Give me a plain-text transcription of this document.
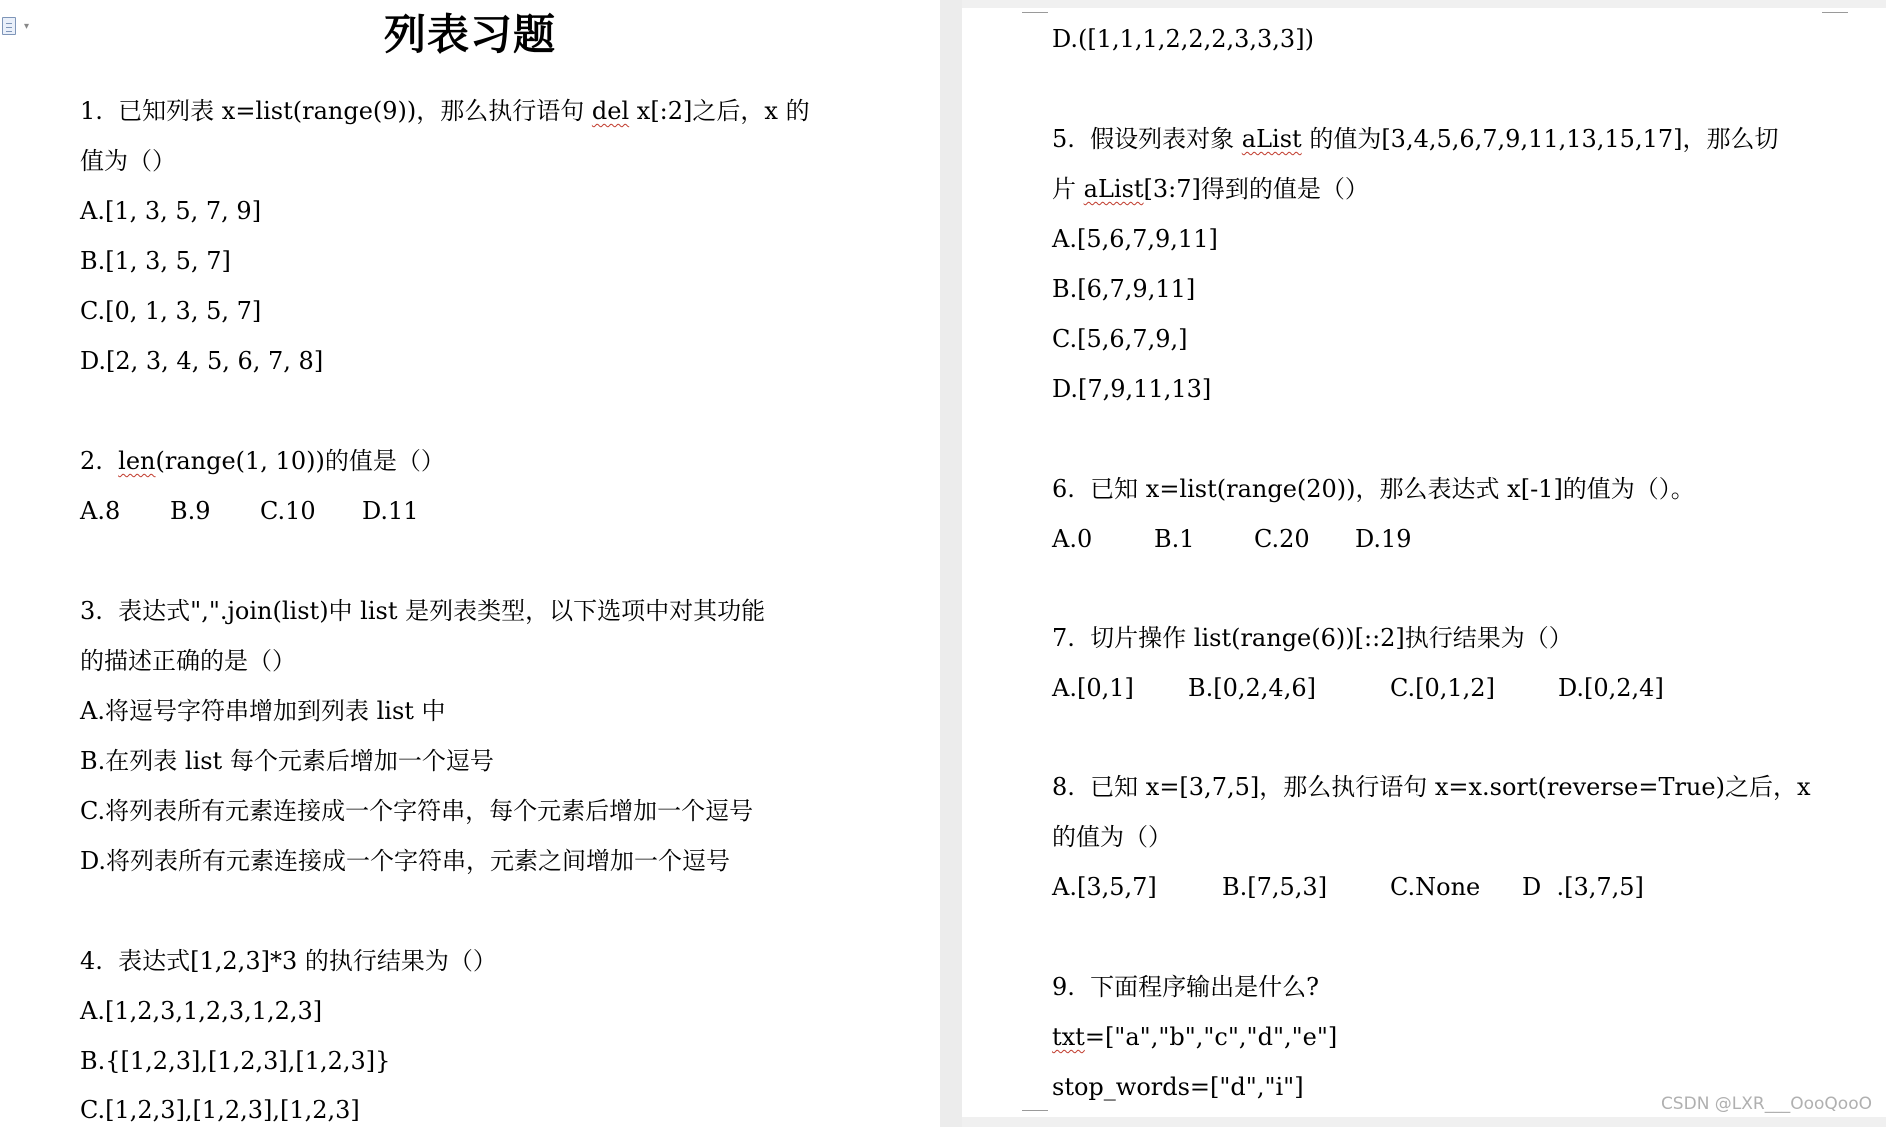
▾	列表习题
1.  已知列表 x=list(range(9))，那么执行语句 del x[:2]之后，x 的
值为（）
A.[1, 3, 5, 7, 9]
B.[1, 3, 5, 7]
C.[0, 1, 3, 5, 7]
D.[2, 3, 4, 5, 6, 7, 8]
2.  len(range(1, 10))的值是（）
A.8 B.9 C.10 D.11
3.  表达式",".join(list)中 list 是列表类型，以下选项中对其功能
的描述正确的是（）
A.将逗号字符串增加到列表 list 中
B.在列表 list 每个元素后增加一个逗号
C.将列表所有元素连接成一个字符串，每个元素后增加一个逗号
D.将列表所有元素连接成一个字符串，元素之间增加一个逗号
4.  表达式[1,2,3]*3 的执行结果为（）
A.[1,2,3,1,2,3,1,2,3]
B.{[1,2,3],[1,2,3],[1,2,3]}
C.[1,2,3],[1,2,3],[1,2,3]
D.([1,1,1,2,2,2,3,3,3])
5.  假设列表对象 aList 的值为[3,4,5,6,7,9,11,13,15,17]，那么切
片 aList[3:7]得到的值是（）
A.[5,6,7,9,11]
B.[6,7,9,11]
C.[5,6,7,9,]
D.[7,9,11,13]
6.  已知 x=list(range(20))，那么表达式 x[-1]的值为（）。
A.0	B.1 C.20 D.19
7.  切片操作 list(range(6))[::2]执行结果为（）
A.[0,1] B.[0,2,4,6]	C.[0,1,2]	D.[0,2,4]
8.  已知 x=[3,7,5]，那么执行语句 x=x.sort(reverse=True)之后，x
的值为（）
A.[3,5,7]	B.[7,5,3]	C.None D  .[3,7,5]
9.  下面程序输出是什么?
txt=["a","b","c","d","e"]
stop_words=["d","i"]
CSDN @LXR___OooQooO
